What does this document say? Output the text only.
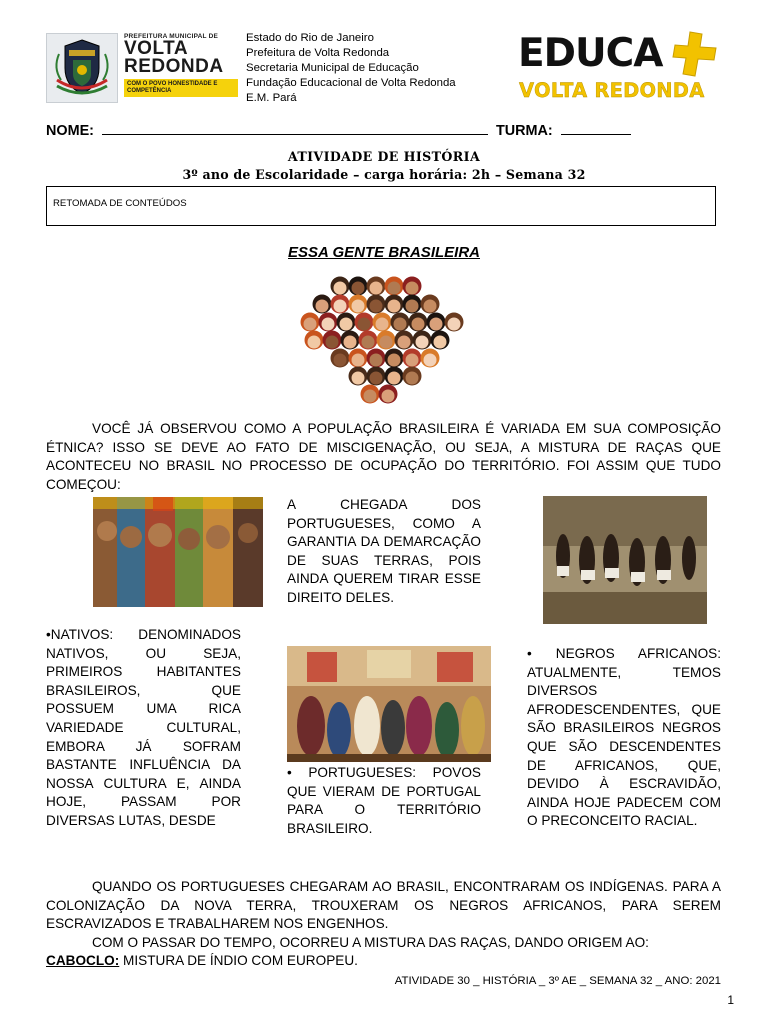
PREFEITURA MUNICIPAL DE
VOLTA
REDONDA
COM O POVO HONESTIDADE E COMPETÊNCIA
Estado do Rio de Janeiro
Prefeitura de Volta Redonda
Secretaria Municipal de Educação
Fundação Educacional de Volta Redonda
E.M. Pará
EDUCA
VOLTA REDONDA
NOME:	TURMA:
ATIVIDADE DE HISTÓRIA
3º ano de Escolaridade – carga horária: 2h – Semana 32
RETOMADA DE CONTEÚDOS
ESSA GENTE BRASILEIRA
VOCÊ JÁ OBSERVOU COMO A POPULAÇÃO BRASILEIRA É VARIADA EM SUA COMPOSIÇÃO ÉTNICA? ISSO SE DEVE AO FATO DE MISCIGENAÇÃO, OU SEJA, A MISTURA DE RAÇAS QUE ACONTECEU NO BRASIL NO PROCESSO DE OCUPAÇÃO DO TERRITÓRIO. FOI ASSIM QUE TUDO COMEÇOU:
A CHEGADA DOS PORTUGUESES, COMO A GARANTIA DA DEMARCAÇÃO DE SUAS TERRAS, POIS AINDA QUEREM TIRAR ESSE DIREITO DELES.
•NATIVOS: DENOMINADOS NATIVOS, OU SEJA, PRIMEIROS HABITANTES BRASILEIROS, QUE POSSUEM UMA RICA VARIEDADE CULTURAL, EMBORA JÁ SOFRAM BASTANTE INFLUÊNCIA DA NOSSA CULTURA E, AINDA HOJE, PASSAM POR DIVERSAS LUTAS, DESDE
• PORTUGUESES: POVOS QUE VIERAM DE PORTUGAL PARA O TERRITÓRIO BRASILEIRO.
• NEGROS AFRICANOS: ATUALMENTE, TEMOS DIVERSOS AFRODESCENDENTES, QUE SÃO BRASILEIROS NEGROS QUE SÃO DESCENDENTES DE AFRICANOS, QUE, DEVIDO À ESCRAVIDÃO, AINDA HOJE PADECEM COM O PRECONCEITO RACIAL.
QUANDO OS PORTUGUESES CHEGARAM AO BRASIL, ENCONTRARAM OS INDÍGENAS. PARA A COLONIZAÇÃO DA NOVA TERRA, TROUXERAM OS NEGROS AFRICANOS, PARA SEREM ESCRAVIZADOS E TRABALHAREM NOS ENGENHOS.
COM O PASSAR DO TEMPO, OCORREU A MISTURA DAS RAÇAS, DANDO ORIGEM AO:
CABOCLO: MISTURA DE ÍNDIO COM EUROPEU.
ATIVIDADE 30 _ HISTÓRIA _ 3º AE _ SEMANA 32 _ ANO: 2021
1
